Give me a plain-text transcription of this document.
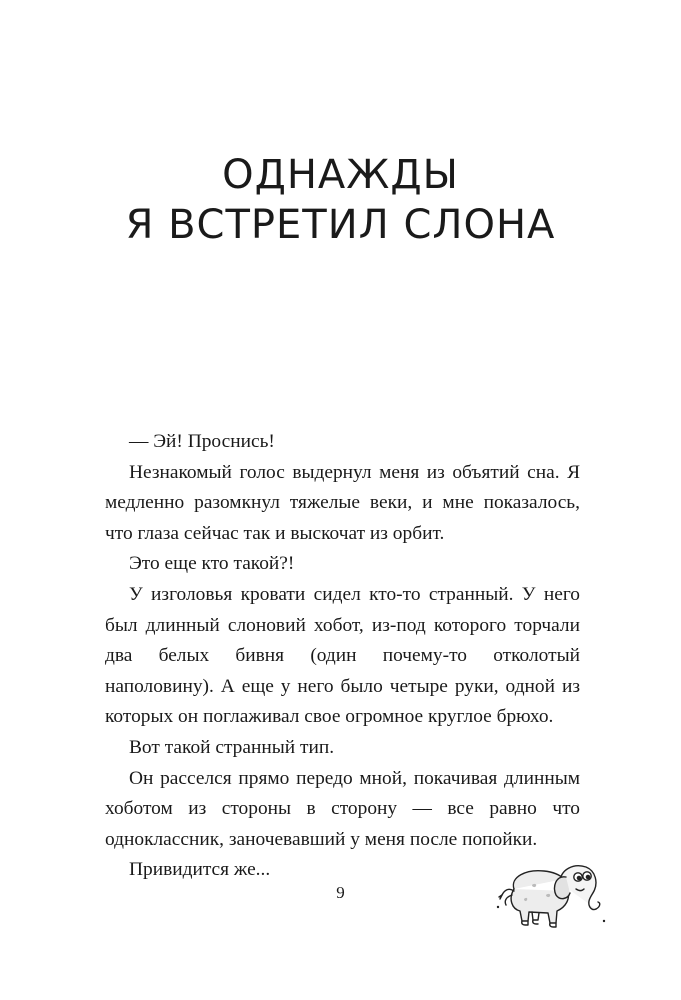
ОДНАЖДЫ
Я ВСТРЕТИЛ СЛОНА

— Эй! Проснись!

Незнакомый голос выдернул меня из объятий сна. Я медленно разомкнул тяжелые веки, и мне показалось, что глаза сейчас так и выскочат из орбит.

Это еще кто такой?!

У изголовья кровати сидел кто-то странный. У него был длинный слоновий хобот, из-под которого торчали два белых бивня (один почему-то отколотый наполовину). А еще у него было четыре руки, одной из которых он поглаживал свое огромное круглое брюхо.

Вот такой странный тип.

Он расселся прямо передо мной, покачивая длинным хоботом из стороны в сторону — все равно что одноклассник, заночевавший у меня после попойки.

Привидится же...

9
